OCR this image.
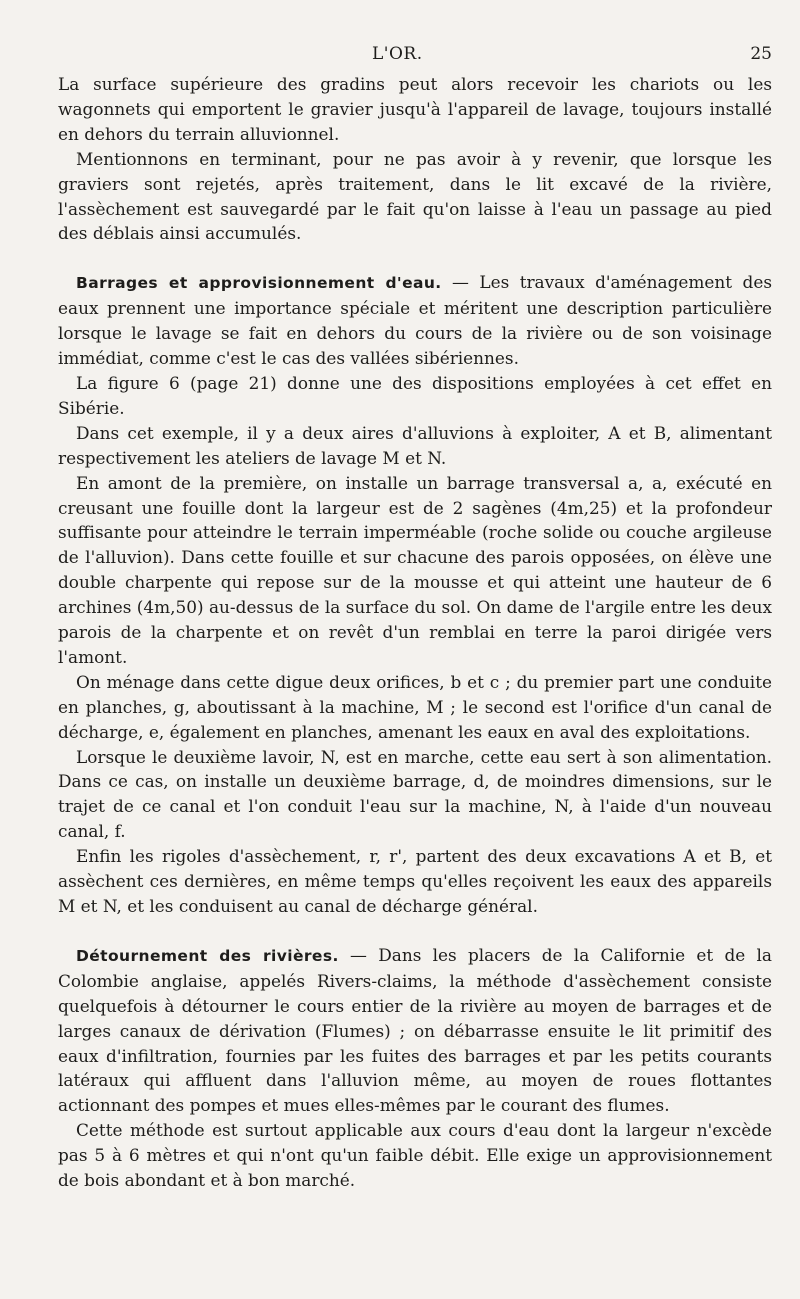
L'OR.	25

La surface supérieure des gradins peut alors recevoir les chariots ou les wagonnets qui emportent le gravier jusqu'à l'appareil de lavage, toujours installé en dehors du terrain alluvionnel.

Mentionnons en terminant, pour ne pas avoir à y revenir, que lorsque les graviers sont rejetés, après traitement, dans le lit excavé de la rivière, l'assèchement est sauvegardé par le fait qu'on laisse à l'eau un passage au pied des déblais ainsi accumulés.

Barrages et approvisionnement d'eau. — Les travaux d'aménagement des eaux prennent une importance spéciale et méritent une description particulière lorsque le lavage se fait en dehors du cours de la rivière ou de son voisinage immédiat, comme c'est le cas des vallées sibériennes.

La figure 6 (page 21) donne une des dispositions employées à cet effet en Sibérie.

Dans cet exemple, il y a deux aires d'alluvions à exploiter, A et B, alimentant respectivement les ateliers de lavage M et N.

En amont de la première, on installe un barrage transversal a, a, exécuté en creusant une fouille dont la largeur est de 2 sagènes (4m,25) et la profondeur suffisante pour atteindre le terrain imperméable (roche solide ou couche argileuse de l'alluvion). Dans cette fouille et sur chacune des parois opposées, on élève une double charpente qui repose sur de la mousse et qui atteint une hauteur de 6 archines (4m,50) au-dessus de la surface du sol. On dame de l'argile entre les deux parois de la charpente et on revêt d'un remblai en terre la paroi dirigée vers l'amont.

On ménage dans cette digue deux orifices, b et c ; du premier part une conduite en planches, g, aboutissant à la machine, M ; le second est l'orifice d'un canal de décharge, e, également en planches, amenant les eaux en aval des exploitations.

Lorsque le deuxième lavoir, N, est en marche, cette eau sert à son alimentation. Dans ce cas, on installe un deuxième barrage, d, de moindres dimensions, sur le trajet de ce canal et l'on conduit l'eau sur la machine, N, à l'aide d'un nouveau canal, f.

Enfin les rigoles d'assèchement, r, r', partent des deux excavations A et B, et assèchent ces dernières, en même temps qu'elles reçoivent les eaux des appareils M et N, et les conduisent au canal de décharge général.

Détournement des rivières. — Dans les placers de la Californie et de la Colombie anglaise, appelés Rivers-claims, la méthode d'assèchement consiste quelquefois à détourner le cours entier de la rivière au moyen de barrages et de larges canaux de dérivation (Flumes) ; on débarrasse ensuite le lit primitif des eaux d'infiltration, fournies par les fuites des barrages et par les petits courants latéraux qui affluent dans l'alluvion même, au moyen de roues flottantes actionnant des pompes et mues elles-mêmes par le courant des flumes.

Cette méthode est surtout applicable aux cours d'eau dont la largeur n'excède pas 5 à 6 mètres et qui n'ont qu'un faible débit. Elle exige un approvisionnement de bois abondant et à bon marché.
